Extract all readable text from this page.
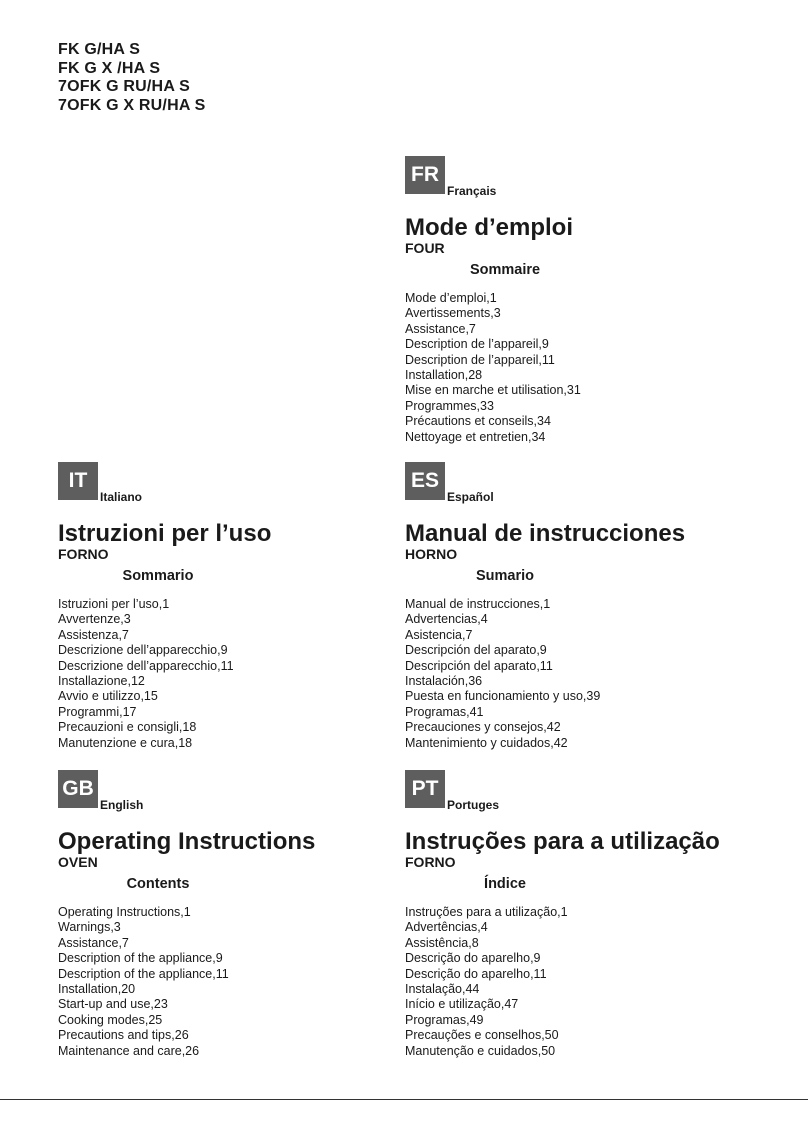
FK G/HA S
FK G X /HA S
7OFK G RU/HA S
7OFK G X RU/HA S
FR
Français
Mode d’emploi
FOUR
Sommaire
Mode d’emploi,1
Avertissements,3
Assistance,7
Description de l’appareil,9
Description de l’appareil,11
Installation,28
Mise en marche et utilisation,31
Programmes,33
Précautions et conseils,34
Nettoyage et entretien,34
IT
Italiano
Istruzioni per l’uso
FORNO
Sommario
Istruzioni per l’uso,1
Avvertenze,3
Assistenza,7
Descrizione dell’apparecchio,9
Descrizione dell’apparecchio,11
Installazione,12
Avvio e utilizzo,15
Programmi,17
Precauzioni e consigli,18
Manutenzione e cura,18
ES
Español
Manual de instrucciones
HORNO
Sumario
Manual de instrucciones,1
Advertencias,4
Asistencia,7
Descripción del aparato,9
Descripción del aparato,11
Instalación,36
Puesta en funcionamiento y uso,39
Programas,41
Precauciones y consejos,42
Mantenimiento y cuidados,42
GB
English
Operating Instructions
OVEN
Contents
Operating Instructions,1
Warnings,3
Assistance,7
Description of the appliance,9
Description of the appliance,11
Installation,20
Start-up and use,23
Cooking modes,25
Precautions and tips,26
Maintenance and care,26
PT
Portuges
Instruções para a utilização
FORNO
Índice
Instruções para a utilização,1
Advertências,4
Assistência,8
Descrição do aparelho,9
Descrição do aparelho,11
Instalação,44
Início e utilização,47
Programas,49
Precauções e conselhos,50
Manutenção e cuidados,50
